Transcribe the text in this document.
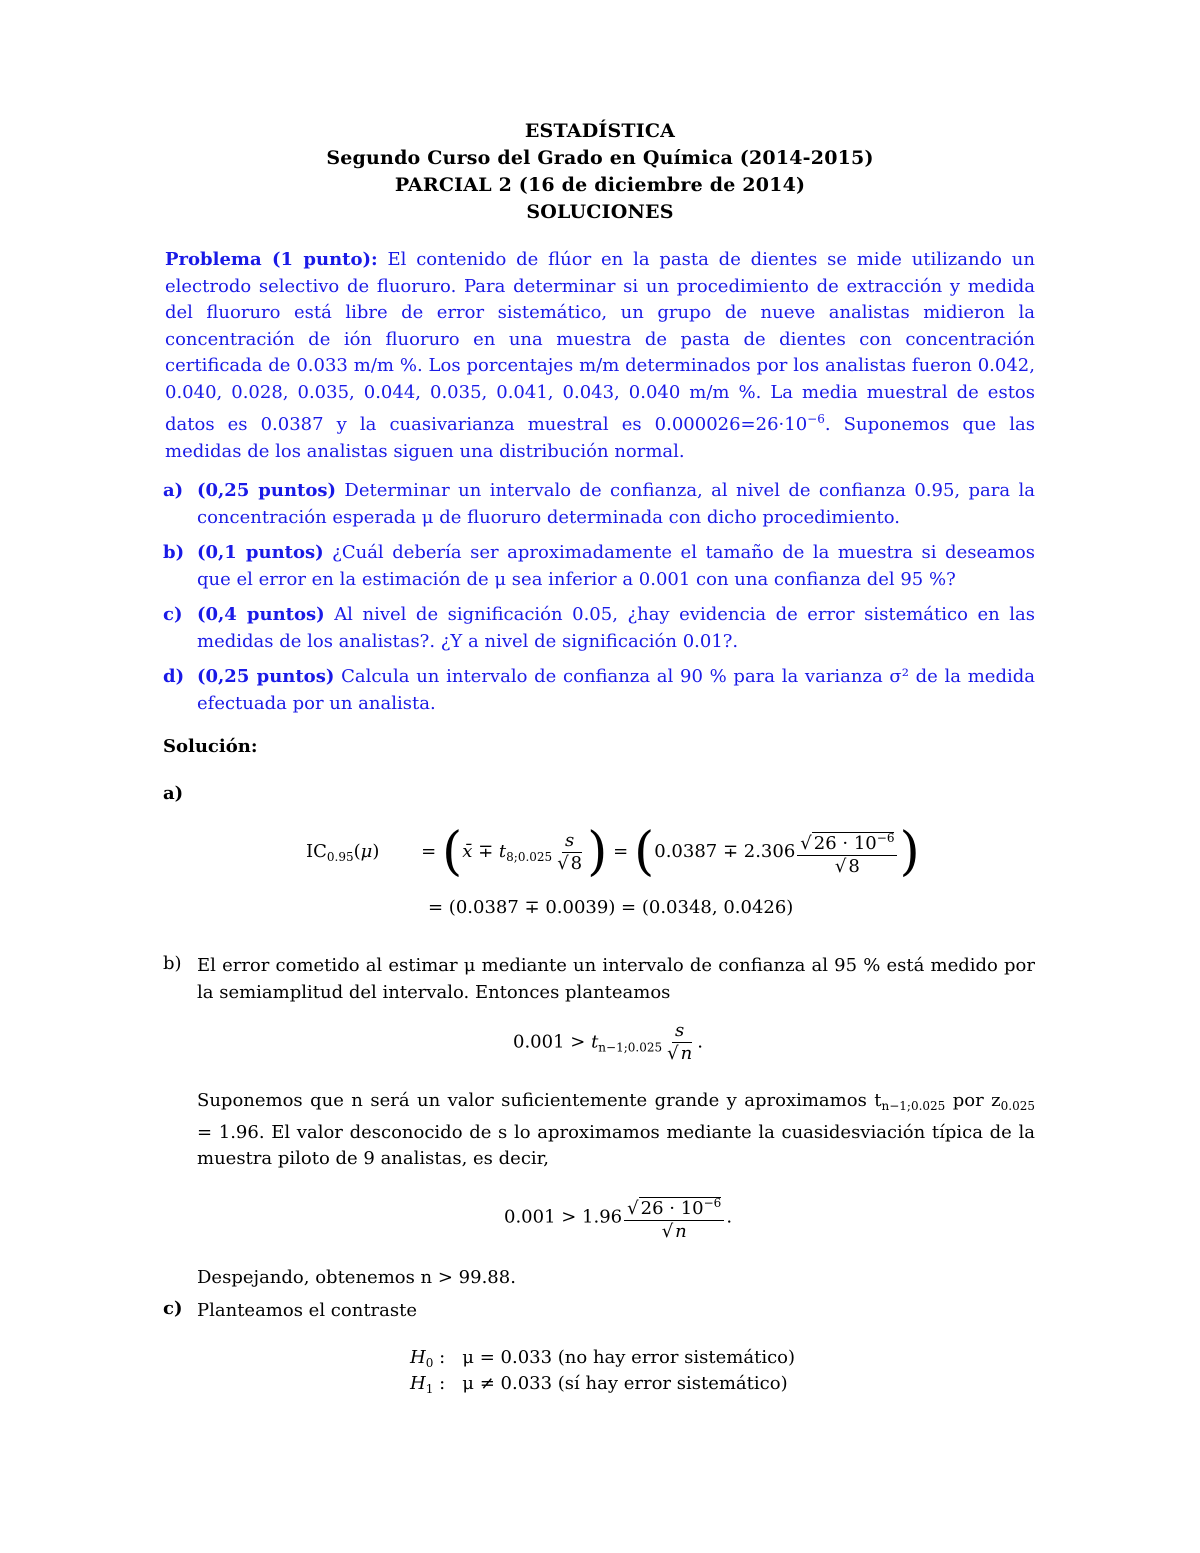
ESTADÍSTICA
Segundo Curso del Grado en Química (2014-2015)
PARCIAL 2 (16 de diciembre de 2014)
SOLUCIONES
Problema (1 punto): El contenido de flúor en la pasta de dientes se mide utilizando un electrodo selectivo de fluoruro. Para determinar si un procedimiento de extracción y medida del fluoruro está libre de error sistemático, un grupo de nueve analistas midieron la concentración de ión fluoruro en una muestra de pasta de dientes con concentración certificada de 0.033 m/m %. Los porcentajes m/m determinados por los analistas fueron 0.042, 0.040, 0.028, 0.035, 0.044, 0.035, 0.041, 0.043, 0.040 m/m %. La media muestral de estos datos es 0.0387 y la cuasivarianza muestral es $0.000026=26\cdot 10^{-6}$. Suponemos que las medidas de los analistas siguen una distribución normal.
a) (0,25 puntos) Determinar un intervalo de confianza, al nivel de confianza 0.95, para la concentración esperada μ de fluoruro determinada con dicho procedimiento.
b) (0,1 puntos) ¿Cuál debería ser aproximadamente el tamaño de la muestra si deseamos que el error en la estimación de μ sea inferior a 0.001 con una confianza del 95 %?
c) (0,4 puntos) Al nivel de significación 0.05, ¿hay evidencia de error sistemático en las medidas de los analistas?. ¿Y a nivel de significación 0.01?.
d) (0,25 puntos) Calcula un intervalo de confianza al 90 % para la varianza σ² de la medida efectuada por un analista.
Solución:
a)
$IC_{0.95}(\mu)$ = (x̄ ∓ $t_{8;0.025} \frac{s}{√ 8}$ ) = ($0.0387 \mp 2.306 \frac{√ 26 \cdot 10^{-6}}{√ 8}$ )
= (0.0387 ∓ 0.0039) = (0.0348, 0.0426)
b) El error cometido al estimar μ mediante un intervalo de confianza al 95 % está medido por la semiamplitud del intervalo. Entonces planteamos
$0.001 > t_{n-1;0.025} \frac{s}{√ n}$ .
Suponemos que n será un valor suficientemente grande y aproximamos $t_{n-1;0.025}$ por $z_{0.025} = 1.96$. El valor desconocido de s lo aproximamos mediante la cuasidesviación típica de la muestra piloto de 9 analistas, es decir,
$0.001 > 1.96 \frac{√ 26 \cdot 10^{-6}}{√ n}$ .
Despejando, obtenemos n > 99.88.
c) Planteamos el contraste
$H_0$ :   μ = 0.033 (no hay error sistemático)
$H_1$ :   μ ≠ 0.033 (sí hay error sistemático)
